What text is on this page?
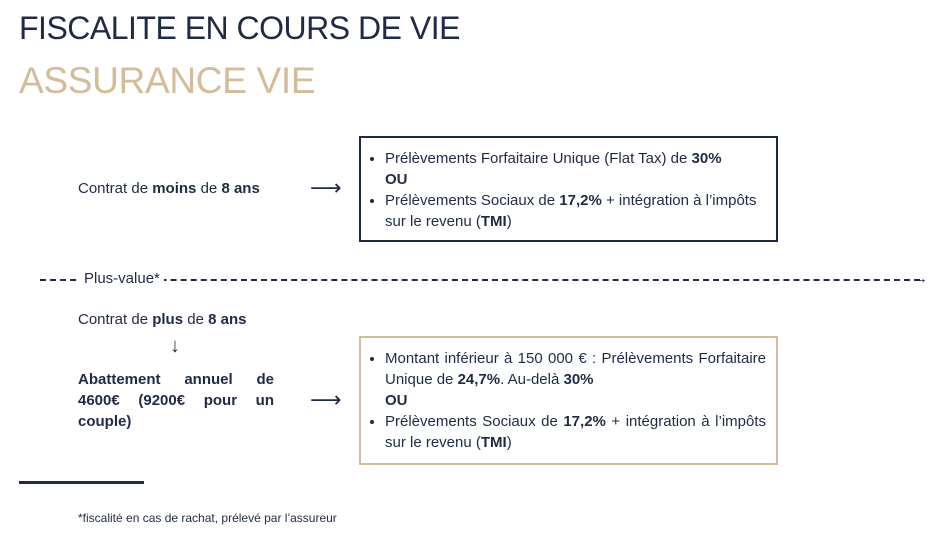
FISCALITE EN COURS DE VIE
ASSURANCE VIE
Contrat de moins de 8 ans ⟶
• Prélèvements Forfaitaire Unique (Flat Tax) de 30%
OU
• Prélèvements Sociaux de 17,2% + intégration à l’impôts sur le revenu (TMI)
Plus-value*	→
Contrat de plus de 8 ans
↓
Abattement annuel de 4600€ (9200€ pour un couple)
⟶
• Montant inférieur à 150 000 € : Prélèvements Forfaitaire Unique de 24,7%. Au-delà 30%
OU
• Prélèvements Sociaux de 17,2% + intégration à l’impôts sur le revenu (TMI)
*fiscalité en cas de rachat, prélevé par l’assureur
